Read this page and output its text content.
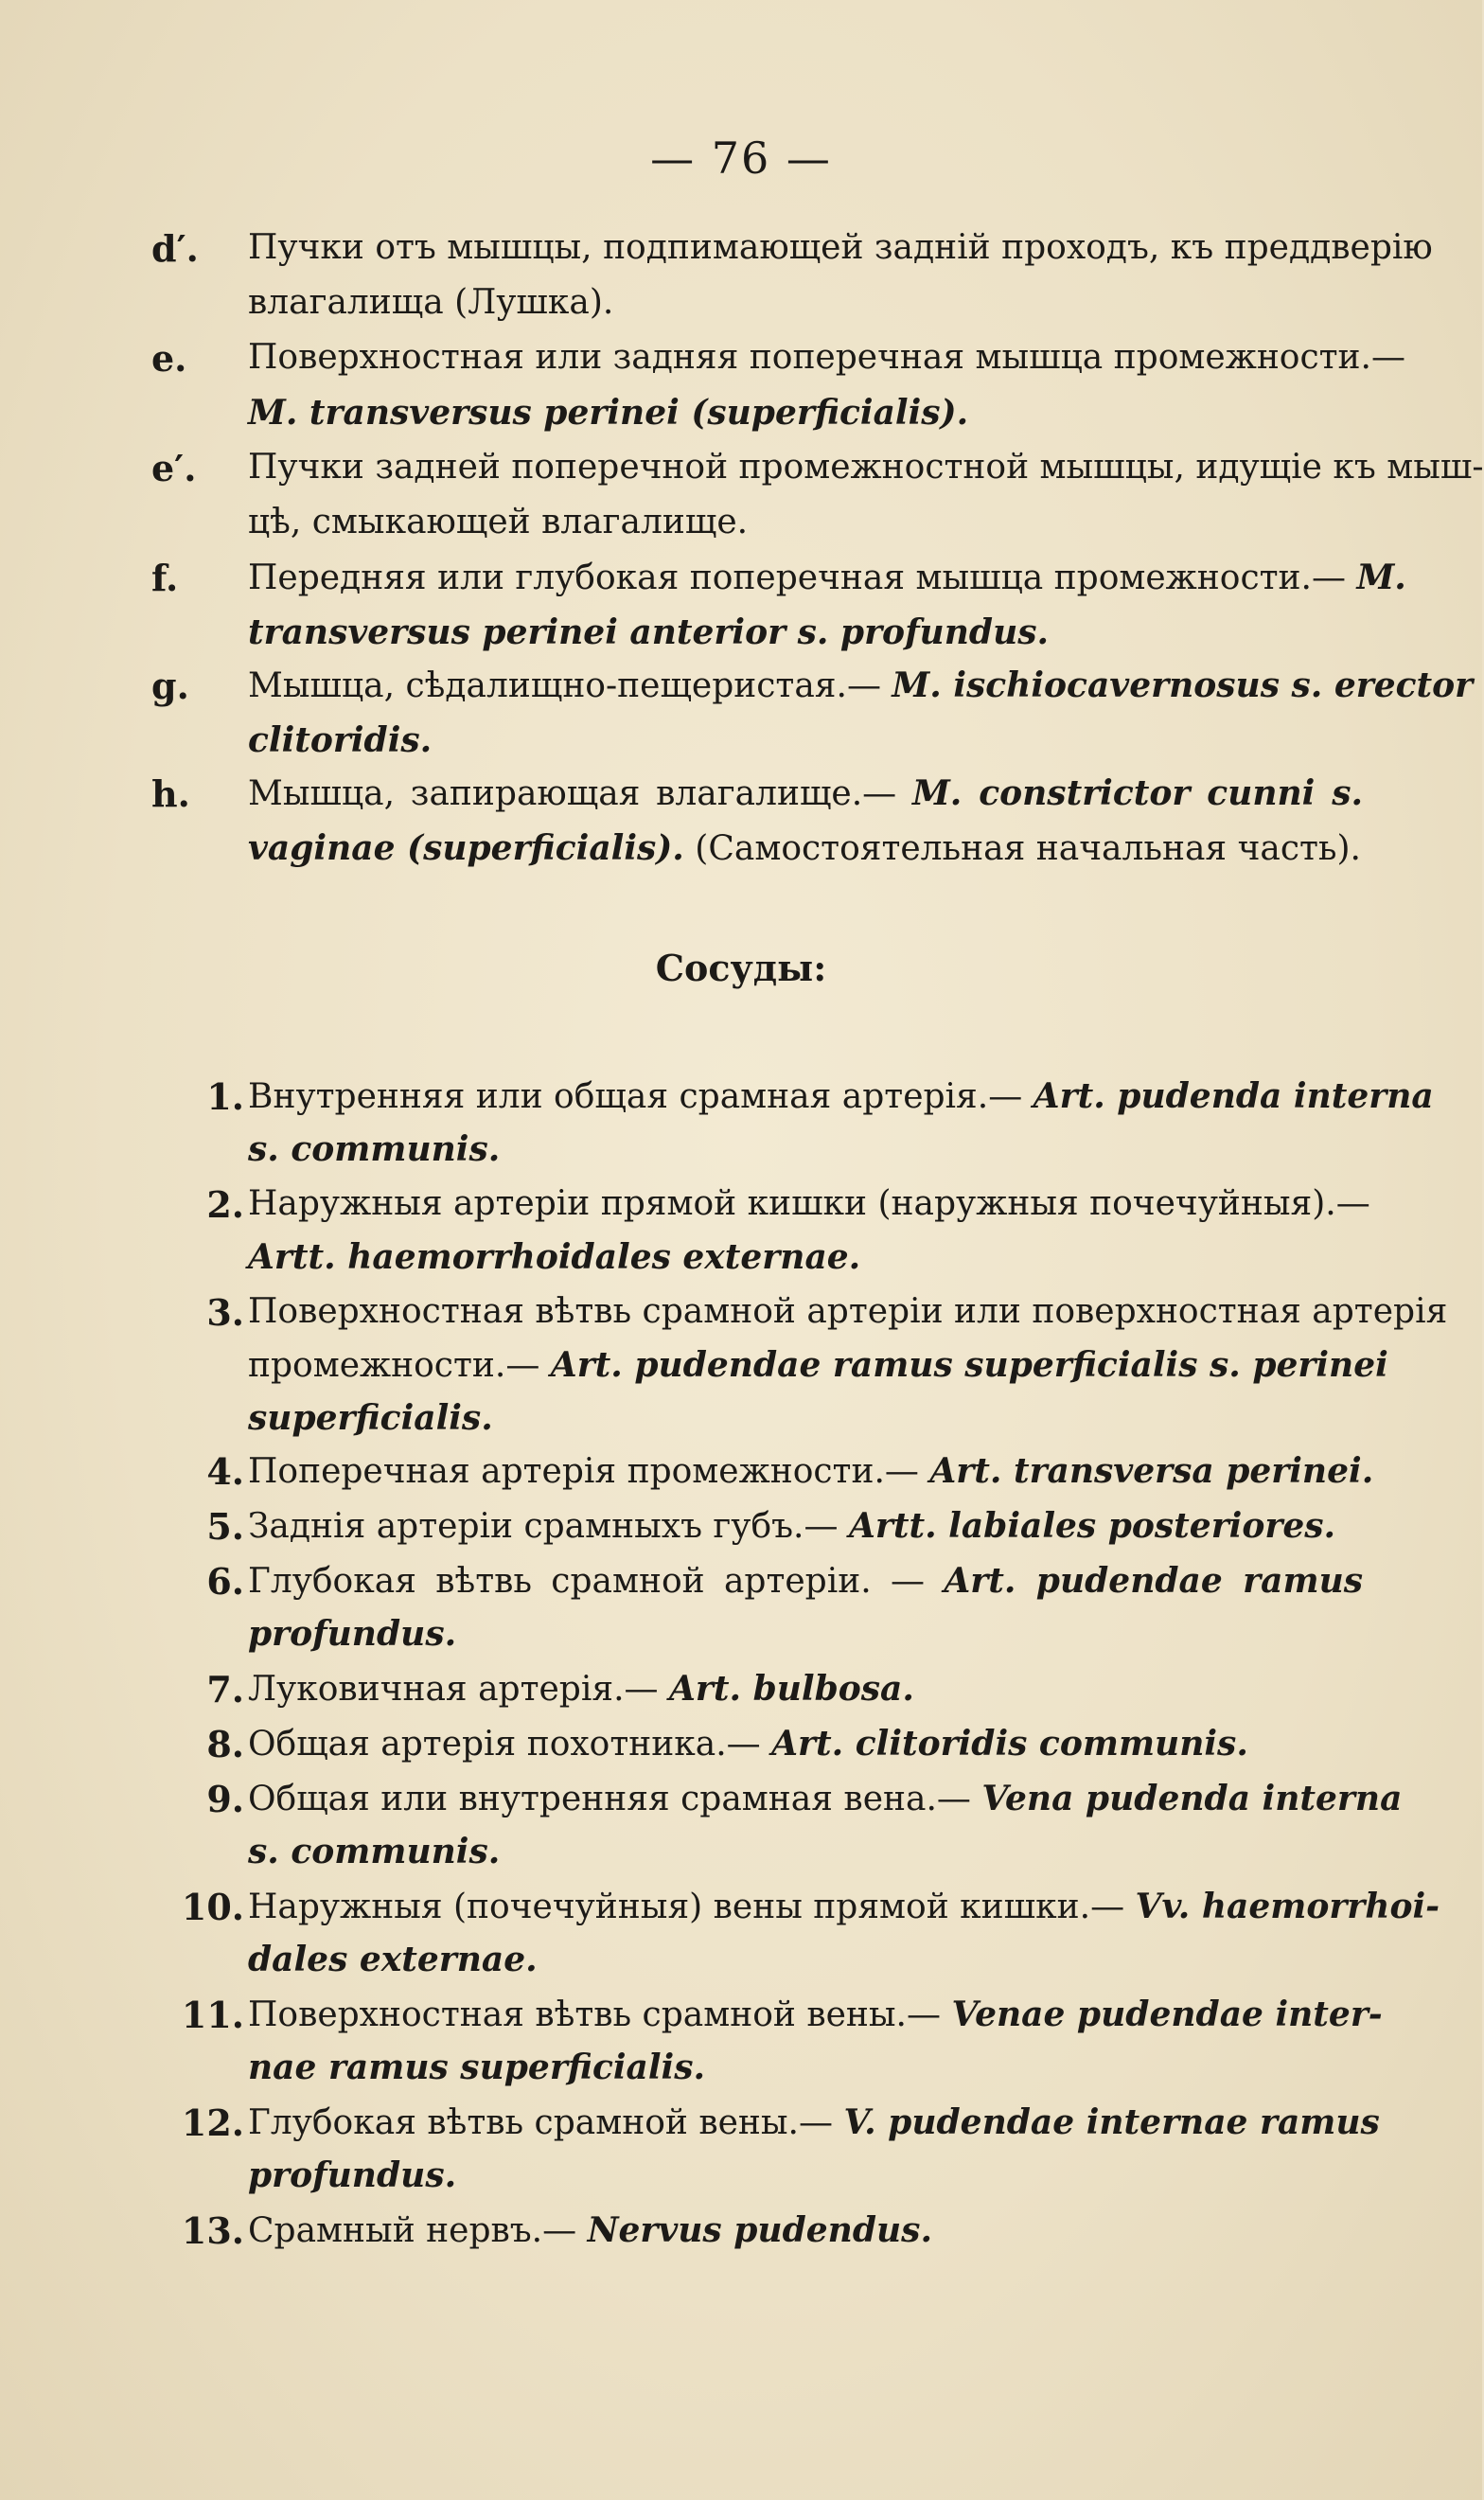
— 76 —
d′.	Пучки отъ мышцы, подпимающей задній проходъ, къ преддверію
влагалища (Лушка).
e.	Поверхностная или задняя поперечная мышца промежности.—
M. transversus perinei (superficialis).
e′.	Пучки задней поперечной промежностной мышцы, идущіе къ мыш-
цѣ, смыкающей влагалище.
f.	Передняя или глубокая поперечная мышца промежности.— M.
transversus perinei anterior s. profundus.
g.	Мышца, сѣдалищно-пещеристая.— M. ischiocavernosus s. erector
clitoridis.
h.	Мышца, запирающая влагалище.— M. constrictor cunni s.
vaginae (superficialis). (Самостоятельная начальная часть).
Сосуды:
1. Внутренняя или общая срамная артерія.— Art. pudenda interna
s. communis.
2. Наружныя артеріи прямой кишки (наружныя почечуйныя).—
Artt. haemorrhoidales externae.
3. Поверхностная вѣтвь срамной артеріи или поверхностная артерія
промежности.— Art. pudendae ramus superficialis s. perinei
superficialis.
4. Поперечная артерія промежности.— Art. transversa perinei.
5. Заднія артеріи срамныхъ губъ.— Artt. labiales posteriores.
6. Глубокая вѣтвь срамной артеріи. — Art. pudendae ramus
profundus.
7. Луковичная артерія.— Art. bulbosa.
8. Общая артерія похотника.— Art. clitoridis communis.
9. Общая или внутренняя срамная вена.— Vena pudenda interna
s. communis.
10. Наружныя (почечуйныя) вены прямой кишки.— Vv. haemorrhoi-
dales externae.
11. Поверхностная вѣтвь срамной вены.— Venae pudendae inter-
nae ramus superficialis.
12. Глубокая вѣтвь срамной вены.— V. pudendae internae ramus
profundus.
13. Срамный нервъ.— Nervus pudendus.
